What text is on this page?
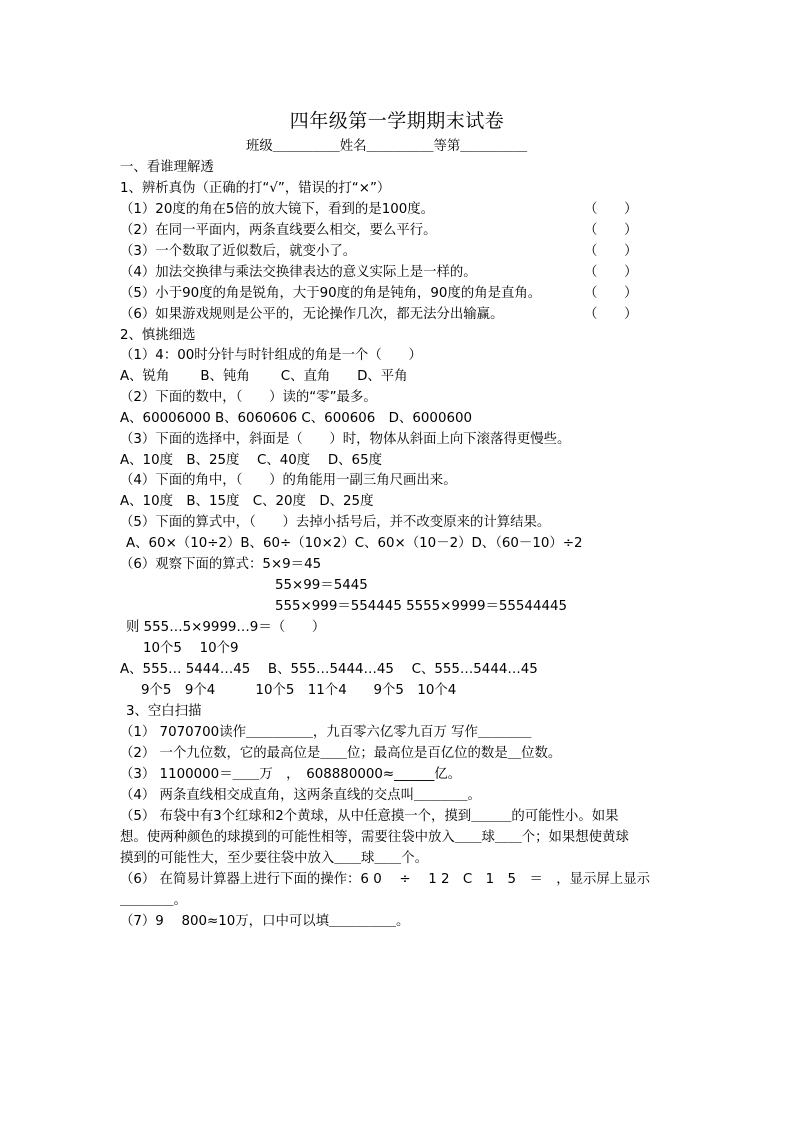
四年级第一学期期末试卷
班级＿＿＿＿＿姓名＿＿＿＿＿等第＿＿＿＿＿
一、看谁理解透
1、辨析真伪（正确的打“√”，错误的打“×”）
（1）20度的角在5倍的放大镜下，看到的是100度。	（　　）
（2）在同一平面内，两条直线要么相交，要么平行。	（　　）
（3）一个数取了近似数后，就变小了。	（　　）
（4）加法交换律与乘法交换律表达的意义实际上是一样的。	（　　）
（5）小于90度的角是锐角，大于90度的角是钝角，90度的角是直角。	（　　）
（6）如果游戏规则是公平的，无论操作几次，都无法分出输赢。	（　　）
2、慎挑细选
（1）4：00时分针与时针组成的角是一个（　　）
A、锐角　　 B、钝角　　 C、直角　　D、平角
（2）下面的数中，（　　）读的“零”最多。
A、60006000 B、6060606 C、600606　D、6000600
（3）下面的选择中，斜面是（　　）时，物体从斜面上向下滚落得更慢些。
A、10度　B、25度　 C、40度　 D、65度
（4）下面的角中，（　　）的角能用一副三角尺画出来。
A、10度　B、15度　C、20度　D、25度
（5）下面的算式中，（　　）去掉小括号后，并不改变原来的计算结果。
A、60×（10÷2）B、60÷（10×2）C、60×（10－2）D、（60－10）÷2
（6）观察下面的算式：5×9＝45
55×99＝5445
555×999＝554445 5555×9999＝55544445
则 555…5×9999…9＝（　　）
10个5　 10个9
A、555… 5444…45　 B、555…5444…45　 C、555…5444…45
9个5　9个4　　　10个5　11个4　　9个5　10个4
3、空白扫描
（1） 7070700读作＿＿＿＿＿，九百零六亿零九百万 写作＿＿＿＿
（2） 一个九位数，它的最高位是＿＿位；最高位是百亿位的数是＿位数。
（3） 1100000＝＿＿万　，　608880000≈______亿。
（4） 两条直线相交成直角，这两条直线的交点叫＿＿＿＿。
（5） 布袋中有3个红球和2个黄球，从中任意摸一个，摸到＿＿＿的可能性小。如果
想。使两种颜色的球摸到的可能性相等，需要往袋中放入＿＿球＿＿个；如果想使黄球
摸到的可能性大，至少要往袋中放入＿＿球＿＿个。
（6） 在简易计算器上进行下面的操作：6 0　 ÷　 1 2　C　1　5　＝　，显示屏上显示
＿＿＿＿。
（7）9　 800≈10万，口中可以填＿＿＿＿＿。
